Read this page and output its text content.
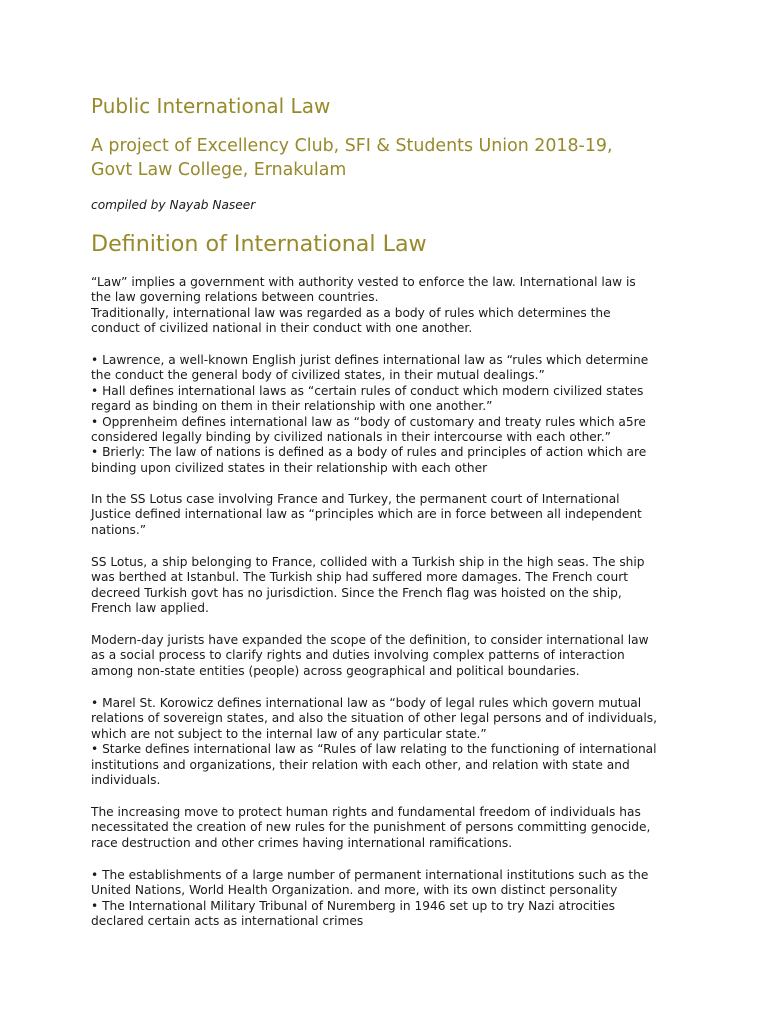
Public International Law
A project of Excellency Club, SFI & Students Union 2018-19,
Govt Law College, Ernakulam

compiled by Nayab Naseer

Definition of International Law
“Law” implies a government with authority vested to enforce the law. International law is
the law governing relations between countries.
Traditionally, international law was regarded as a body of rules which determines the
conduct of civilized national in their conduct with one another.
• Lawrence, a well-known English jurist defines international law as “rules which determine
the conduct the general body of civilized states, in their mutual dealings.”
• Hall defines international laws as “certain rules of conduct which modern civilized states
regard as binding on them in their relationship with one another.”
• Opprenheim defines international law as “body of customary and treaty rules which a5re
considered legally binding by civilized nationals in their intercourse with each other.”
• Brierly: The law of nations is defined as a body of rules and principles of action which are
binding upon civilized states in their relationship with each other
In the SS Lotus case involving France and Turkey, the permanent court of International
Justice defined international law as “principles which are in force between all independent
nations.”
SS Lotus, a ship belonging to France, collided with a Turkish ship in the high seas. The ship
was berthed at Istanbul. The Turkish ship had suffered more damages. The French court
decreed Turkish govt has no jurisdiction. Since the French flag was hoisted on the ship,
French law applied.
Modern-day jurists have expanded the scope of the definition, to consider international law
as a social process to clarify rights and duties involving complex patterns of interaction
among non-state entities (people) across geographical and political boundaries.
• Marel St. Korowicz defines international law as “body of legal rules which govern mutual
relations of sovereign states, and also the situation of other legal persons and of individuals,
which are not subject to the internal law of any particular state.”
• Starke defines international law as “Rules of law relating to the functioning of international
institutions and organizations, their relation with each other, and relation with state and
individuals.
The increasing move to protect human rights and fundamental freedom of individuals has
necessitated the creation of new rules for the punishment of persons committing genocide,
race destruction and other crimes having international ramifications.
• The establishments of a large number of permanent international institutions such as the
United Nations, World Health Organization. and more, with its own distinct personality
• The International Military Tribunal of Nuremberg in 1946 set up to try Nazi atrocities
declared certain acts as international crimes
